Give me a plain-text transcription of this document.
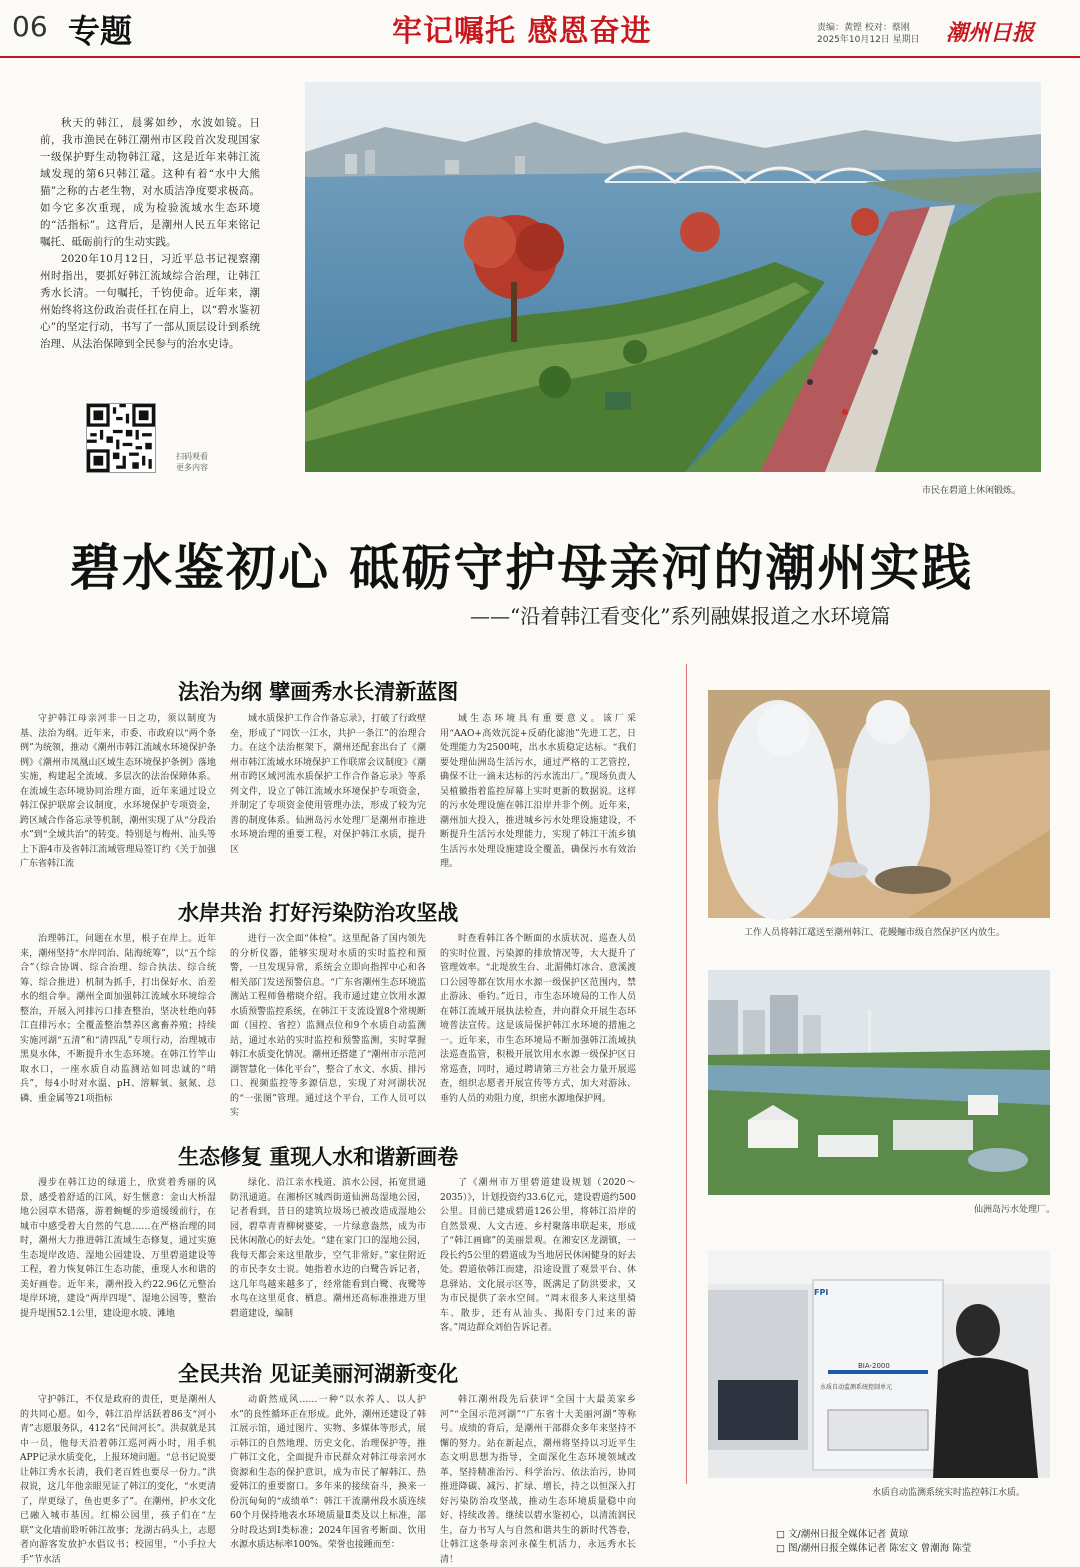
06 专题	牢记嘱托 感恩奋进	责编：黄铿 校对：蔡刚
2025年10月12日 星期日 潮州日报

秋天的韩江，晨雾如纱，水波如镜。日前，我市渔民在韩江潮州市区段首次发现国家一级保护野生动物韩江鼋，这是近年来韩江流域发现的第6只韩江鼋。这种有着“水中大熊猫”之称的古老生物，对水质洁净度要求极高。如今它多次重现，成为检验流域水生态环境的“活指标”。这背后，是潮州人民五年来铭记嘱托、砥砺前行的生动实践。

2020年10月12日，习近平总书记视察潮州时指出，要抓好韩江流域综合治理，让韩江秀水长清。一句嘱托，千钧使命。近年来，潮州始终将这份政治责任扛在肩上，以“碧水鉴初心”的坚定行动，书写了一部从顶层设计到系统治理、从法治保障到全民参与的治水史诗。

扫码观看
更多内容
市民在碧道上休闲锻炼。
碧水鉴初心 砥砺守护母亲河的潮州实践
——“沿着韩江看变化”系列融媒报道之水环境篇
法治为纲 擘画秀水长清新蓝图

守护韩江母亲河非一日之功，须以制度为基、法治为纲。近年来，市委、市政府以“两个条例”为统领，推动《潮州市韩江流域水环境保护条例》《潮州市凤凰山区域生态环境保护条例》落地实施，构建起全流域、多层次的法治保障体系。在流域生态环境协同治理方面，近年来通过设立韩江保护联席会议制度，水环境保护专项资金，跨区域合作备忘录等机制，潮州实现了从“分段治水”到“全域共治”的转变。特别是与梅州、汕头等上下游4市及省韩江流域管理局签订约《关于加强广东省韩江流

域水质保护工作合作备忘录》，打破了行政壁垒，形成了“同饮一江水，共护一条江”的治理合力。在这个法治框架下，潮州还配套出台了《潮州市韩江流域水环境保护工作联席会议制度》《潮州市跨区域河流水质保护工作合作备忘录》等系列文件，设立了韩江流域水环境保护专项资金，并制定了专项资金使用管理办法，形成了较为完善的制度体系。仙洲岛污水处理厂是潮州市推进水环境治理的重要工程，对保护韩江水质，提升区

域生态环境具有重要意义。该厂采用“AAO+高效沉淀+反硝化滤池”先进工艺，日处理能力为2500吨，出水水质稳定达标。“我们要处理仙洲岛生活污水，通过严格的工艺管控，确保不让一滴未达标的污水流出厂。”现场负责人吴植徽指着监控屏幕上实时更新的数据说。这样的污水处理设施在韩江沿岸并非个例。近年来，潮州加大投入，推进城乡污水处理设施建设，不断提升生活污水处理能力，实现了韩江干流乡镇生活污水处理设施建设全覆盖，确保污水有效治理。

水岸共治 打好污染防治攻坚战

治理韩江，问题在水里，根子在岸上。近年来，潮州坚持“水岸同治、陆海统筹”，以“五个综合”（综合协调、综合治理、综合执法、综合统筹、综合推进）机制为抓手，打出保好水、治差水的组合拳。潮州全面加强韩江流域水环境综合整治，开展入河排污口排查整治，坚决杜绝向韩江直排污水；全覆盖整治禁养区禽畜养殖；持续实施河湖“五清”和“清四乱”专项行动，治理城市黑臭水体，不断提升水生态环境。在韩江竹竿山取水口，一座水质自动监测站如同忠诚的“哨兵”，每4小时对水温、pH、溶解氧、氨氮、总磷、重金属等21项指标

进行一次全面“体检”。这里配备了国内领先的分析仪器，能够实现对水质的实时监控和预警，一旦发现异常，系统会立即向指挥中心和各相关部门发送预警信息。“广东省潮州生态环境监测站工程师鲁楷晓介绍。我市通过建立饮用水源水质预警监控系统，在韩江干支流设置8个常规断面（国控、省控）监测点位和9个水质自动监测站，通过水站的实时监控和预警监测，实时掌握韩江水质变化情况。潮州还搭建了“潮州市示范河湖智慧化一体化平台”，整合了水文、水质、排污口、视频监控等多源信息，实现了对河湖状况的“一张图”管理。通过这个平台，工作人员可以实

时查看韩江各个断面的水质状况、巡查人员的实时位置、污染源的排放情况等，大大提升了管理效率。“北堤放生台、北湄佛灯冰合、意溪渡口公园等都在饮用水水源一级保护区范围内，禁止游泳、垂钓。”近日，市生态环境局的工作人员在韩江流域开展执法检查，并向群众开展生态环境普法宣传。这是该局保护韩江水环境的措施之一。近年来，市生态环境局不断加强韩江流域执法巡查监管，积极开展饮用水水源一级保护区日常巡查，同时，通过聘请第三方社会力量开展巡查，组织志愿者开展宣传等方式，加大对游泳、垂钓人员的劝阻力度，织密水源地保护网。

生态修复 重现人水和谐新画卷

漫步在韩江边的绿道上，欣赏着秀丽的风景，感受着舒适的江风，好生惬意：金山大桥湿地公园草木错落，游着蜿蜒的步道缓缓前行，在城市中感受着大自然的气息……在严格治理的同时，潮州大力推进韩江流域生态修复，通过实施生态堤岸改造、湿地公园建设、万里碧道建设等工程，着力恢复韩江生态功能，重现人水和谐的美好画卷。近年来，潮州投入约22.96亿元整治堤岸环境，建设“两岸四堤”、湿地公园等，整治提升堤围52.1公里，建设迎水坡、滩地

绿化、沿江亲水栈道、滨水公园，拓宽贯通防汛通道。在湘桥区城西街道仙洲岛湿地公园，记者看到，昔日的建筑垃圾场已被改造成湿地公园，碧草青青柳树婆娑，一片绿意盎然，成为市民休闲散心的好去处。“建在家门口的湿地公园，我每天都会来这里散步，空气非常好。”家住附近的市民李女士说。她指着水边的白鹭告诉记者，这几年鸟越来越多了，经常能看到白鹭、夜鹭等水鸟在这里觅食、栖息。潮州还高标准推进万里碧道建设，编制

了《潮州市万里碧道建设规划（2020～2035）》，计划投资约33.6亿元，建设碧道约500公里。目前已建成碧道126公里，将韩江沿岸的自然景观、人文古迹、乡村聚落串联起来，形成了“韩江画廊”的美丽景观。在湘安区龙湖镇，一段长约5公里的碧道成为当地居民休闲健身的好去处。碧道依韩江而建，沿途设置了观景平台、休息驿站、文化展示区等，既满足了防洪要求，又为市民提供了亲水空间。“周末很多人来这里骑车、散步，还有从汕头、揭阳专门过来的游客。”周边群众刘伯告诉记者。

全民共治 见证美丽河湖新变化

守护韩江，不仅是政府的责任，更是潮州人的共同心愿。如今，韩江沿岸活跃着86支“河小青”志愿服务队，412名“民间河长”。洪叔就是其中一员，他每天沿着韩江巡河两小时，用手机APP记录水质变化，上报环境问题。“总书记说要让韩江秀水长清，我们老百姓也要尽一份力。”洪叔说，这几年他亲眼见证了韩江的变化，“水更清了，岸更绿了，鱼也更多了”。在潮州，护水文化已融入城市基因。红棉公园里，孩子们在“左联”文化墙前聆听韩江故事；龙湖古码头上，志愿者向游客发放护水倡议书；校园里，“小手拉大手”节水活

动蔚然成风……一种“以水养人、以人护水”的良性循环正在形成。此外，潮州还建设了韩江展示馆，通过图片、实物、多媒体等形式，展示韩江的自然地理、历史文化、治理保护等，推广韩江文化，全面提升市民群众对韩江母亲河水资源和生态的保护意识，成为市民了解韩江、热爱韩江的重要窗口。多年来的接续奋斗，换来一份沉甸甸的“成绩单”：韩江干流潮州段水质连续60个月保持地表水环境质量Ⅱ类及以上标准，部分时段达到Ⅰ类标准；2024年国省考断面、饮用水源水质达标率100%。荣誉也接踵而至：

韩江潮州段先后获评“全国十大最美家乡河”“全国示范河湖”“广东省十大美丽河湖”等称号。成绩的背后，是潮州干部群众多年来坚持不懈的努力。站在新起点，潮州将坚持以习近平生态文明思想为指导，全面深化生态环境领域改革，坚持精准治污、科学治污、依法治污，协同推进降碳、减污、扩绿、增长，持之以恒深入打好污染防治攻坚战，推动生态环境质量稳中向好、持续改善。继续以碧水鉴初心，以清流润民生，奋力书写人与自然和谐共生的新时代答卷，让韩江这条母亲河永葆生机活力，永远秀水长清！

工作人员将韩江鼋送至潮州韩江、花鳗鲡市级自然保护区内放生。
仙洲岛污水处理厂。
FPI
BIA-2000
水质自动监测系统控制单元
水质自动监测系统实时监控韩江水质。
□ 文/潮州日报全媒体记者 黄琼
□ 图/潮州日报全媒体记者 陈宏文 曾潮海 陈莹
